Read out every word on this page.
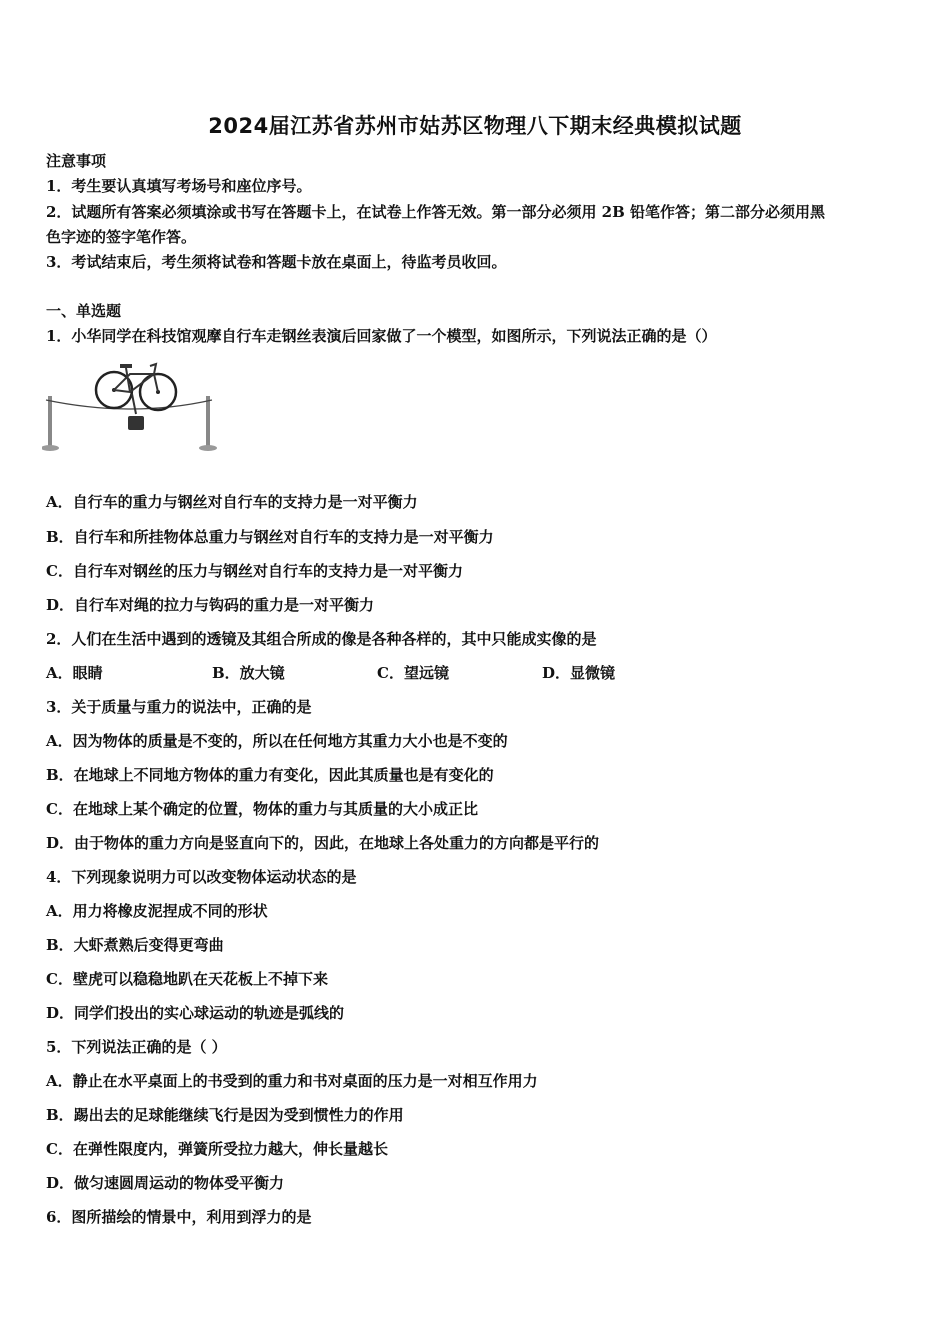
2024届江苏省苏州市姑苏区物理八下期末经典模拟试题
注意事项
1．考生要认真填写考场号和座位序号。
2．试题所有答案必须填涂或书写在答题卡上，在试卷上作答无效。第一部分必须用 2B 铅笔作答；第二部分必须用黑
色字迹的签字笔作答。
3．考试结束后，考生须将试卷和答题卡放在桌面上，待监考员收回。
一、单选题
1．小华同学在科技馆观摩自行车走钢丝表演后回家做了一个模型，如图所示，下列说法正确的是（）
A．自行车的重力与钢丝对自行车的支持力是一对平衡力
B．自行车和所挂物体总重力与钢丝对自行车的支持力是一对平衡力
C．自行车对钢丝的压力与钢丝对自行车的支持力是一对平衡力
D．自行车对绳的拉力与钩码的重力是一对平衡力
2．人们在生活中遇到的透镜及其组合所成的像是各种各样的，其中只能成实像的是
A．眼睛	B．放大镜	C．望远镜	D．显微镜
3．关于质量与重力的说法中，正确的是
A．因为物体的质量是不变的，所以在任何地方其重力大小也是不变的
B．在地球上不同地方物体的重力有变化，因此其质量也是有变化的
C．在地球上某个确定的位置，物体的重力与其质量的大小成正比
D．由于物体的重力方向是竖直向下的，因此，在地球上各处重力的方向都是平行的
4．下列现象说明力可以改变物体运动状态的是
A．用力将橡皮泥捏成不同的形状
B．大虾煮熟后变得更弯曲
C．壁虎可以稳稳地趴在天花板上不掉下来
D．同学们投出的实心球运动的轨迹是弧线的
5．下列说法正确的是（ ）
A．静止在水平桌面上的书受到的重力和书对桌面的压力是一对相互作用力
B．踢出去的足球能继续飞行是因为受到惯性力的作用
C．在弹性限度内，弹簧所受拉力越大，伸长量越长
D．做匀速圆周运动的物体受平衡力
6．图所描绘的情景中，利用到浮力的是
